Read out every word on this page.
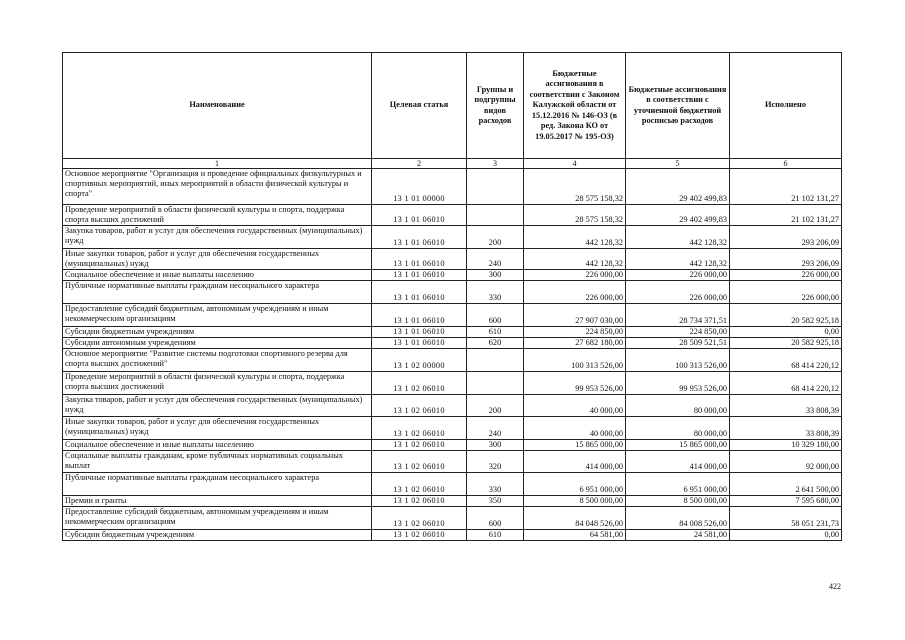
Наименование	Целевая статья	Группы и подгруппы видов расходов	Бюджетные ассигнования в соответствии с Законом Калужской области от 15.12.2016 № 146-ОЗ (в ред. Закона КО от 19.05.2017 № 195-ОЗ)	Бюджетные ассигнования в соответствии с уточненной бюджетной росписью расходов	Исполнено
1	2	3	4	5	6
Основное мероприятие "Организация и проведение официальных физкультурных и спортивных мероприятий, иных мероприятий в области физической культуры и спорта"	13 1 01 00000		28 575 158,32	29 402 499,83	21 102 131,27
Проведение мероприятий в области физической культуры и спорта, поддержка спорта высших достижений	13 1 01 06010		28 575 158,32	29 402 499,83	21 102 131,27
Закупка товаров, работ и услуг для обеспечения государственных (муниципальных) нужд	13 1 01 06010	200	442 128,32	442 128,32	293 206,09
Иные закупки товаров, работ и услуг для обеспечения государственных (муниципальных) нужд	13 1 01 06010	240	442 128,32	442 128,32	293 206,09
Социальное обеспечение и иные выплаты населению	13 1 01 06010	300	226 000,00	226 000,00	226 000,00
Публичные нормативные выплаты гражданам несоциального характера	13 1 01 06010	330	226 000,00	226 000,00	226 000,00
Предоставление субсидий бюджетным, автономным учреждениям и иным некоммерческим организациям	13 1 01 06010	600	27 907 030,00	28 734 371,51	20 582 925,18
Субсидии бюджетным учреждениям	13 1 01 06010	610	224 850,00	224 850,00	0,00
Субсидии автономным учреждениям	13 1 01 06010	620	27 682 180,00	28 509 521,51	20 582 925,18
Основное мероприятие "Развитие системы подготовки спортивного резерва для спорта высших достижений"	13 1 02 00000		100 313 526,00	100 313 526,00	68 414 220,12
Проведение мероприятий в области физической культуры и спорта, поддержка спорта высших достижений	13 1 02 06010		99 953 526,00	99 953 526,00	68 414 220,12
Закупка товаров, работ и услуг для обеспечения государственных (муниципальных) нужд	13 1 02 06010	200	40 000,00	80 000,00	33 808,39
Иные закупки товаров, работ и услуг для обеспечения государственных (муниципальных) нужд	13 1 02 06010	240	40 000,00	80 000,00	33 808,39
Социальное обеспечение и иные выплаты населению	13 1 02 06010	300	15 865 000,00	15 865 000,00	10 329 180,00
Социальные выплаты гражданам, кроме публичных нормативных социальных выплат	13 1 02 06010	320	414 000,00	414 000,00	92 000,00
Публичные нормативные выплаты гражданам несоциального характера	13 1 02 06010	330	6 951 000,00	6 951 000,00	2 641 500,00
Премии и гранты	13 1 02 06010	350	8 500 000,00	8 500 000,00	7 595 680,00
Предоставление субсидий бюджетным, автономным учреждениям и иным некоммерческим организациям	13 1 02 06010	600	84 048 526,00	84 008 526,00	58 051 231,73
Субсидии бюджетным учреждениям	13 1 02 06010	610	64 581,00	24 581,00	0,00
422
